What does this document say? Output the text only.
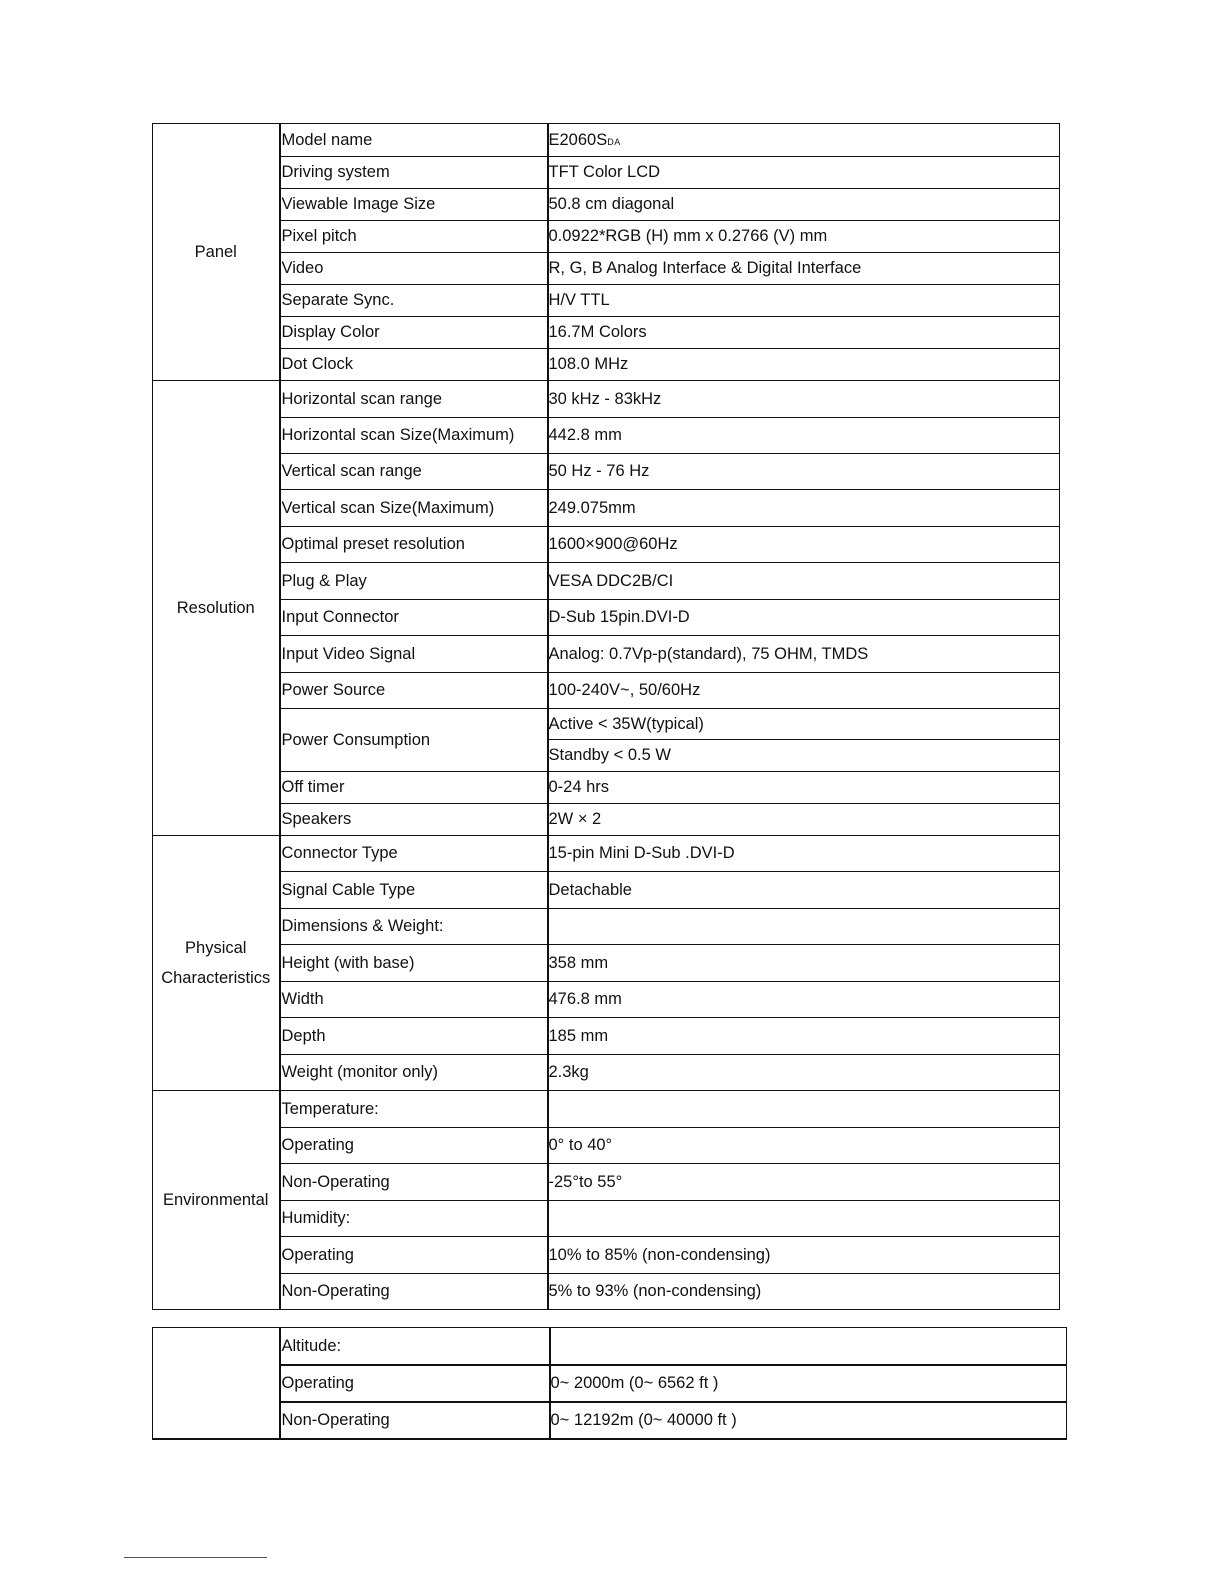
Panel	Model name	E2060SDA
	Driving system	TFT Color LCD
	Viewable Image Size	50.8 cm diagonal
	Pixel pitch	0.0922*RGB (H) mm x 0.2766 (V) mm
	Video	R, G, B Analog Interface & Digital Interface
	Separate Sync.	H/V TTL
	Display Color	16.7M Colors
	Dot Clock	108.0 MHz
Resolution	Horizontal scan range	30 kHz - 83kHz
	Horizontal scan Size(Maximum)	442.8 mm
	Vertical scan range	50 Hz - 76 Hz
	Vertical scan Size(Maximum)	249.075mm
	Optimal preset resolution	1600×900@60Hz
	Plug & Play	VESA DDC2B/CI
	Input Connector	D-Sub 15pin.DVI-D
	Input Video Signal	Analog: 0.7Vp-p(standard), 75 OHM, TMDS
	Power Source	100-240V~, 50/60Hz
	Power Consumption	Active < 35W(typical)
		Standby < 0.5 W
	Off timer	0-24 hrs
	Speakers	2W × 2
Physical Characteristics	Connector Type	15-pin Mini D-Sub .DVI-D
	Signal Cable Type	Detachable
	Dimensions & Weight:	
	Height (with base)	358 mm
	Width	476.8 mm
	Depth	185 mm
	Weight (monitor only)	2.3kg
Environmental	Temperature:	
	Operating	0° to 40°
	Non-Operating	-25°to 55°
	Humidity:	
	Operating	10% to 85% (non-condensing)
	Non-Operating	5% to 93% (non-condensing)
	Altitude:	
	Operating	0~ 2000m (0~ 6562 ft )
	Non-Operating	0~ 12192m (0~ 40000 ft )
